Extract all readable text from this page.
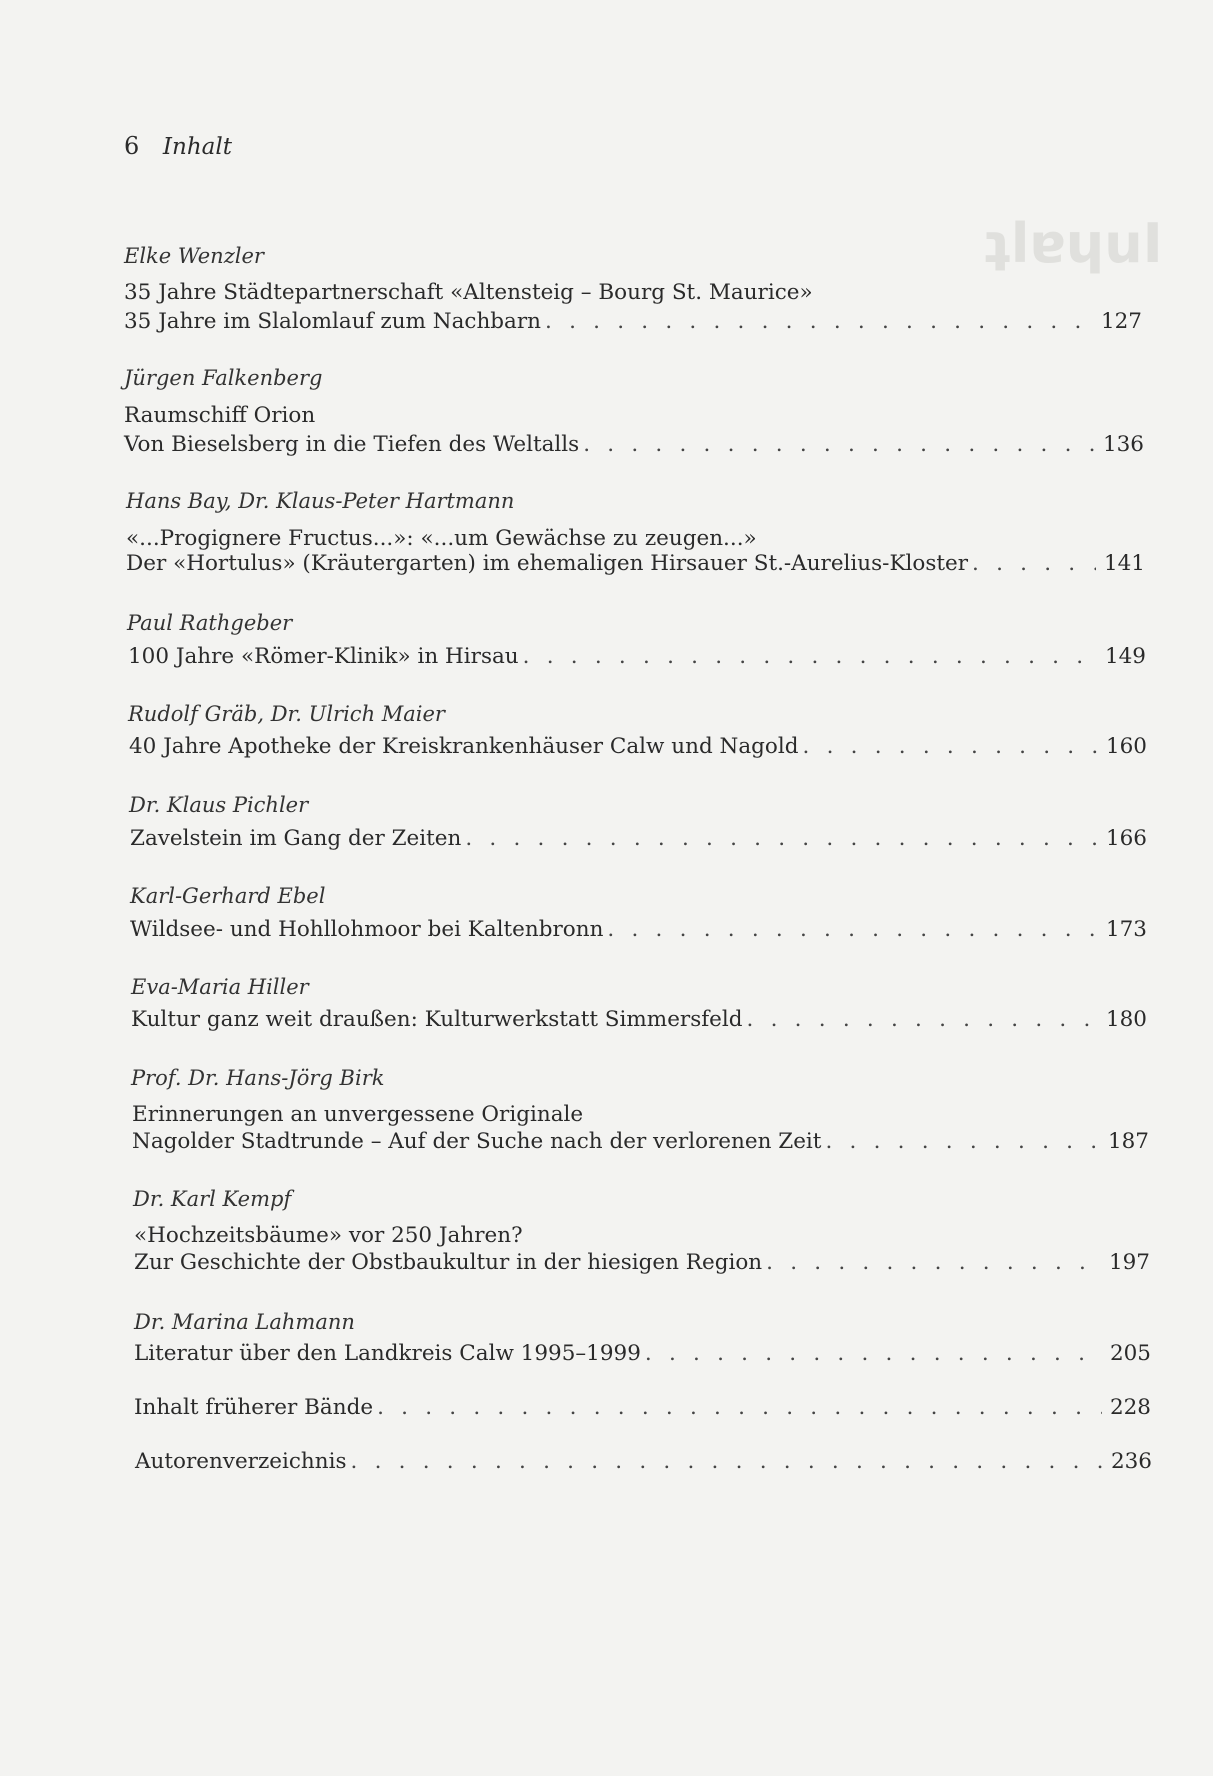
ʇlɐɥuI
6 Inhalt
Elke Wenzler
35 Jahre Städtepartnerschaft «Altensteig – Bourg St. Maurice»
35 Jahre im Slalomlauf zum Nachbarn . . .	127
Jürgen Falkenberg
Raumschiff Orion
Von Bieselsberg in die Tiefen des Weltalls . . .	136
Hans Bay, Dr. Klaus-Peter Hartmann
«...Progignere Fructus...»: «...um Gewächse zu zeugen...»
Der «Hortulus» (Kräutergarten) im ehemaligen Hirsauer St.-Aurelius-Kloster . . .	141
Paul Rathgeber
100 Jahre «Römer-Klinik» in Hirsau . . .	149
Rudolf Gräb, Dr. Ulrich Maier
40 Jahre Apotheke der Kreiskrankenhäuser Calw und Nagold . . .	160
Dr. Klaus Pichler
Zavelstein im Gang der Zeiten . . .	166
Karl-Gerhard Ebel
Wildsee- und Hohllohmoor bei Kaltenbronn . . .	173
Eva-Maria Hiller
Kultur ganz weit draußen: Kulturwerkstatt Simmersfeld . . .	180
Prof. Dr. Hans-Jörg Birk
Erinnerungen an unvergessene Originale
Nagolder Stadtrunde – Auf der Suche nach der verlorenen Zeit . . .	187
Dr. Karl Kempf
«Hochzeitsbäume» vor 250 Jahren?
Zur Geschichte der Obstbaukultur in der hiesigen Region . . .	197
Dr. Marina Lahmann
Literatur über den Landkreis Calw 1995–1999 . . .	205
Inhalt früherer Bände . . .	228
Autorenverzeichnis . . .	236
